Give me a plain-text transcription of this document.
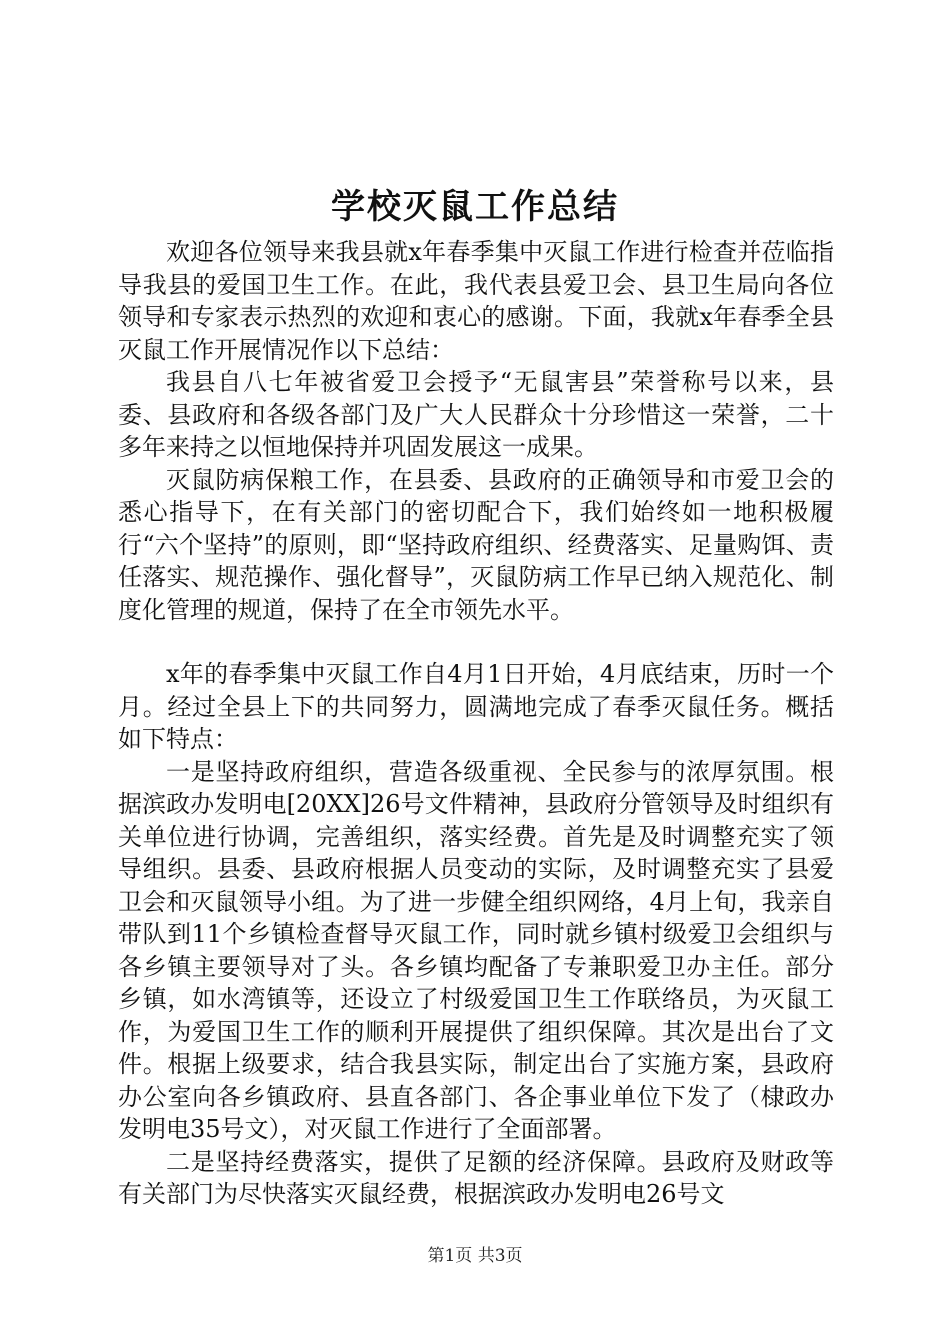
学校灭鼠工作总结

欢迎各位领导来我县就x年春季集中灭鼠工作进行检查并莅临指导我县的爱国卫生工作。在此，我代表县爱卫会、县卫生局向各位领导和专家表示热烈的欢迎和衷心的感谢。下面，我就x年春季全县灭鼠工作开展情况作以下总结：

我县自八七年被省爱卫会授予“无鼠害县”荣誉称号以来，县委、县政府和各级各部门及广大人民群众十分珍惜这一荣誉，二十多年来持之以恒地保持并巩固发展这一成果。

灭鼠防病保粮工作，在县委、县政府的正确领导和市爱卫会的悉心指导下，在有关部门的密切配合下，我们始终如一地积极履行“六个坚持”的原则，即“坚持政府组织、经费落实、足量购饵、责任落实、规范操作、强化督导”，灭鼠防病工作早已纳入规范化、制度化管理的规道，保持了在全市领先水平。

x年的春季集中灭鼠工作自4月1日开始，4月底结束，历时一个月。经过全县上下的共同努力，圆满地完成了春季灭鼠任务。概括如下特点：

一是坚持政府组织，营造各级重视、全民参与的浓厚氛围。根据滨政办发明电[20XX]26号文件精神，县政府分管领导及时组织有关单位进行协调，完善组织，落实经费。首先是及时调整充实了领导组织。县委、县政府根据人员变动的实际，及时调整充实了县爱卫会和灭鼠领导小组。为了进一步健全组织网络，4月上旬，我亲自带队到11个乡镇检查督导灭鼠工作，同时就乡镇村级爱卫会组织与各乡镇主要领导对了头。各乡镇均配备了专兼职爱卫办主任。部分乡镇，如水湾镇等，还设立了村级爱国卫生工作联络员，为灭鼠工作，为爱国卫生工作的顺利开展提供了组织保障。其次是出台了文件。根据上级要求，结合我县实际，制定出台了实施方案，县政府办公室向各乡镇政府、县直各部门、各企事业单位下发了（棣政办发明电35号文），对灭鼠工作进行了全面部署。

二是坚持经费落实，提供了足额的经济保障。县政府及财政等有关部门为尽快落实灭鼠经费，根据滨政办发明电26号文

第1页 共3页
